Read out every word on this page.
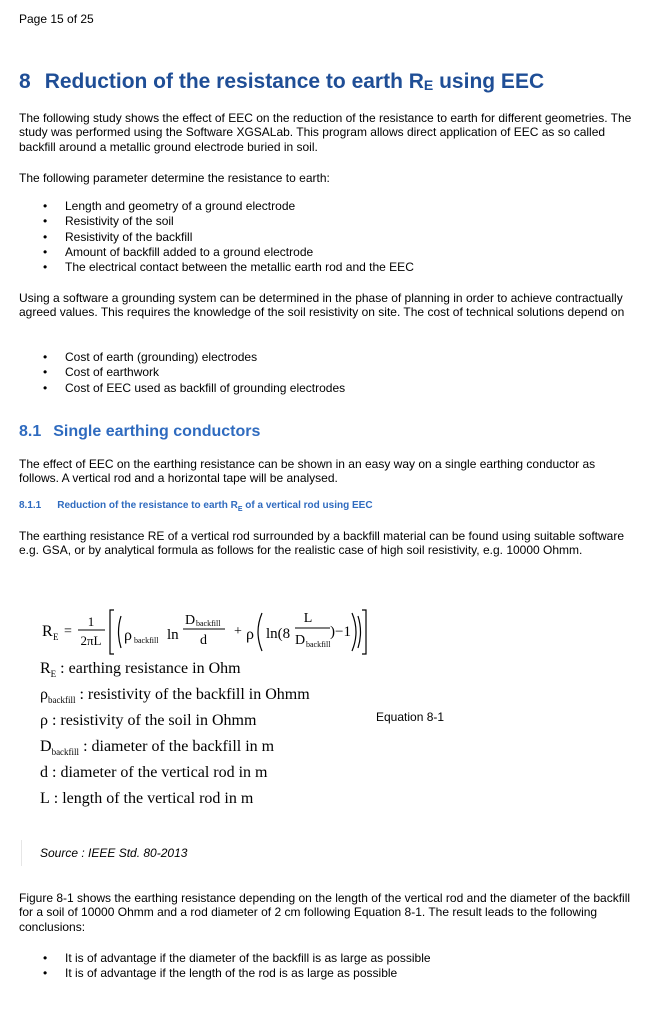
Page 15 of 25
8 Reduction of the resistance to earth $R_E$ using EEC
The following study shows the effect of EEC on the reduction of the resistance to earth for different geometries. The study was performed using the Software XGSALab. This program allows direct application of EEC as so called backfill around a metallic ground electrode buried in soil.
The following parameter determine the resistance to earth:
• Length and geometry of a ground electrode
• Resistivity of the soil
• Resistivity of the backfill
• Amount of backfill added to a ground electrode
• The electrical contact between the metallic earth rod and the EEC
Using a software a grounding system can be determined in the phase of planning in order to achieve contractually agreed values. This requires the knowledge of the soil resistivity on site. The cost of technical solutions depend on
• Cost of earth (grounding) electrodes
• Cost of earthwork
• Cost of EEC used as backfill of grounding electrodes
8.1 Single earthing conductors
The effect of EEC on the earthing resistance can be shown in an easy way on a single earthing conductor as follows. A vertical rod and a horizontal tape will be analysed.
8.1.1 Reduction of the resistance to earth $R_E$ of a vertical rod using EEC
The earthing resistance RE of a vertical rod surrounded by a backfill material can be found using suitable software e.g. GSA, or by analytical formula as follows for the realistic case of high soil resistivity, e.g. 10000 Ohmm.
R E =
1
2πL ρ backfill ln
D backfill
d
+ ρ ln(8
L
D backfill
)−1
$R_E$ : earthing resistance in Ohm
$\rho_{backfill}$ : resistivity of the backfill in Ohmm
ρ : resistivity of the soil in Ohmm
$D_{backfill}$ : diameter of the backfill in m
d : diameter of the vertical rod in m
L : length of the vertical rod in m
Equation 8-1
Source : IEEE Std. 80-2013
Figure 8-1 shows the earthing resistance depending on the length of the vertical rod and the diameter of the backfill for a soil of 10000 Ohmm and a rod diameter of 2 cm following Equation 8-1. The result leads to the following conclusions:
• It is of advantage if the diameter of the backfill is as large as possible
• It is of advantage if the length of the rod is as large as possible
